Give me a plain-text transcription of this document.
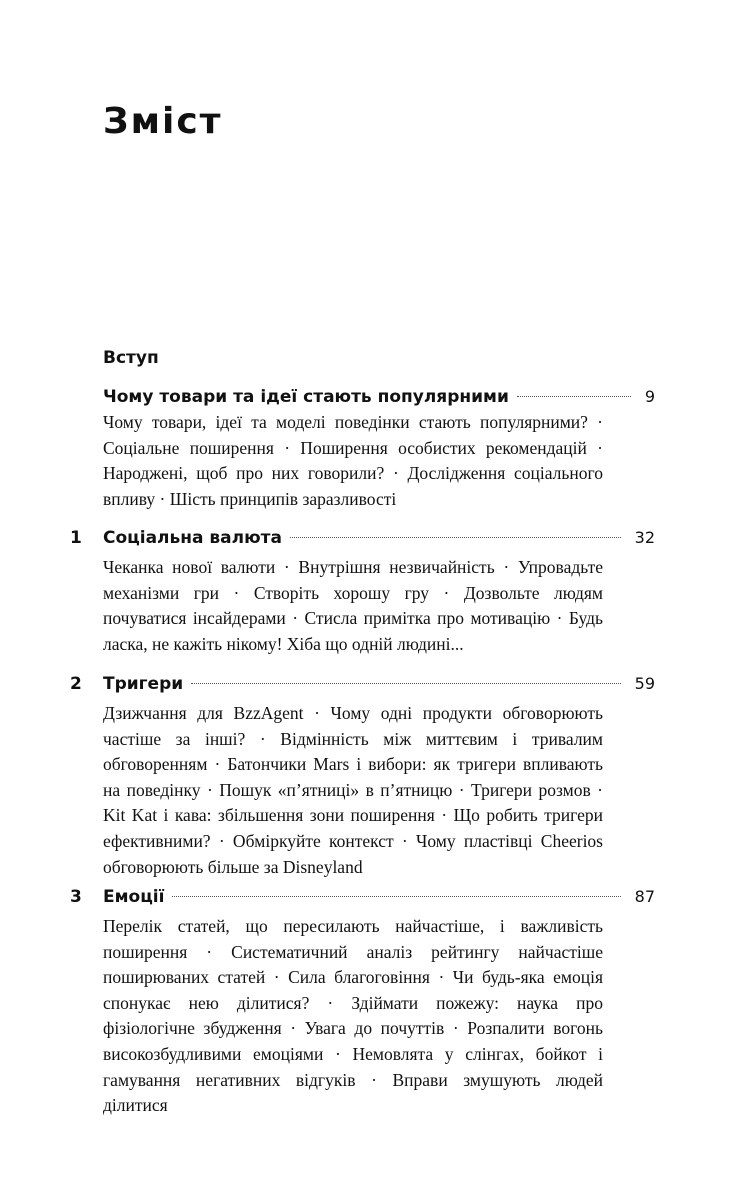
Зміст
Вступ
Чому товари та ідеї стають популярними	9

Чому товари, ідеї та моделі поведінки стають популярними? · Соціальне поширення · Поширення особистих рекомендацій · Народжені, щоб про них говорили? · Дослідження соціального впливу · Шість принципів заразливості

1 Соціальна валюта	32

Чеканка нової валюти · Внутрішня незвичайність · Упровадьте механізми гри · Створіть хорошу гру · Дозвольте людям почуватися інсайдерами · Стисла примітка про мотивацію · Будь ласка, не кажіть нікому! Хіба що одній людині...

2 Тригери	59

Дзижчання для BzzAgent · Чому одні продукти обговорюють частіше за інші? · Відмінність між миттєвим і тривалим обговоренням · Батончики Mars і вибори: як тригери впливають на поведінку · Пошук «п’ятниці» в п’ятницю · Тригери розмов · Kit Kat і кава: збільшення зони поширення · Що робить тригери ефективними? · Обміркуйте контекст · Чому пластівці Cheerios обговорюють більше за Disneyland

3 Емоції	87

Перелік статей, що пересилають найчастіше, і важливість поширення · Систематичний аналіз рейтингу найчастіше поширюваних статей · Сила благоговіння · Чи будь-яка емоція спонукає нею ділитися? · Здіймати пожежу: наука про фізіологічне збудження · Увага до почуттів · Розпалити вогонь високозбудливими емоціями · Немовлята у слінгах, бойкот і гамування негативних відгуків · Вправи змушують людей ділитися
